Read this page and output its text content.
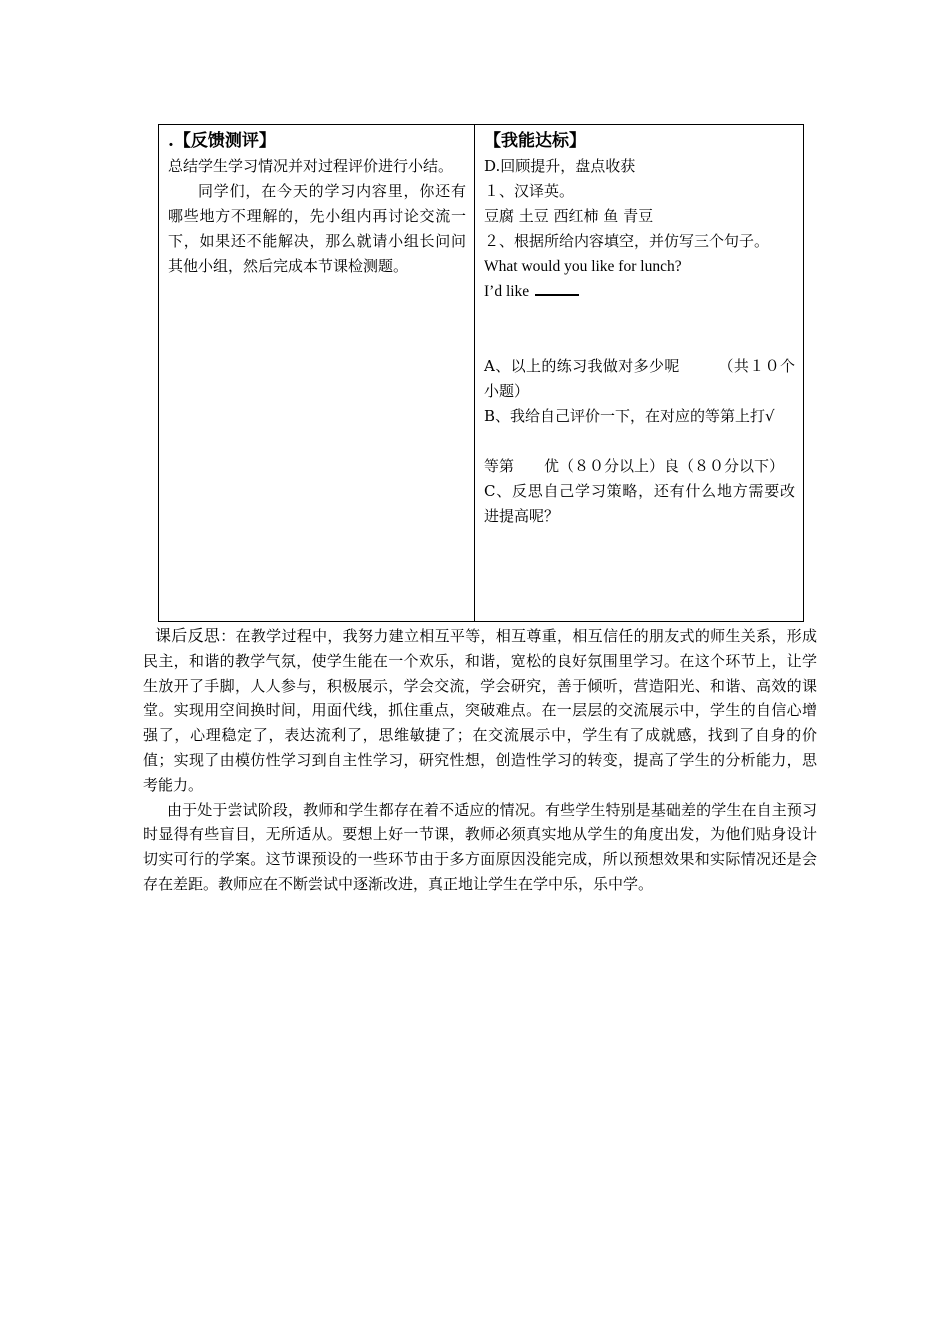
.【反馈测评】
总结学生学习情况并对过程评价进行小结。
同学们，在今天的学习内容里，你还有哪些地方不理解的，先小组内再讨论交流一下，如果还不能解决，那么就请小组长问问其他小组，然后完成本节课检测题。
【我能达标】
D.回顾提升，盘点收获
１、汉译英。
豆腐 土豆 西红柿 鱼 青豆
２、根据所给内容填空，并仿写三个句子。
What would you like for lunch?
I’d like
A、以上的练习我做对多少呢　　　（共１０个小题）
B、我给自己评价一下，在对应的等第上打√
等第　　优（８０分以上）良（８０分以下）
C、反思自己学习策略，还有什么地方需要改进提高呢？

课后反思：在教学过程中，我努力建立相互平等，相互尊重，相互信任的朋友式的师生关系，形成民主，和谐的教学气氛，使学生能在一个欢乐，和谐，宽松的良好氛围里学习。在这个环节上，让学生放开了手脚，人人参与，积极展示，学会交流，学会研究，善于倾听，营造阳光、和谐、高效的课堂。实现用空间换时间，用面代线，抓住重点，突破难点。在一层层的交流展示中，学生的自信心增强了，心理稳定了，表达流利了，思维敏捷了；在交流展示中，学生有了成就感，找到了自身的价值；实现了由模仿性学习到自主性学习，研究性想，创造性学习的转变，提高了学生的分析能力，思考能力。

由于处于尝试阶段，教师和学生都存在着不适应的情况。有些学生特别是基础差的学生在自主预习时显得有些盲目，无所适从。要想上好一节课，教师必须真实地从学生的角度出发，为他们贴身设计切实可行的学案。这节课预设的一些环节由于多方面原因没能完成，所以预想效果和实际情况还是会存在差距。教师应在不断尝试中逐渐改进，真正地让学生在学中乐，乐中学。
